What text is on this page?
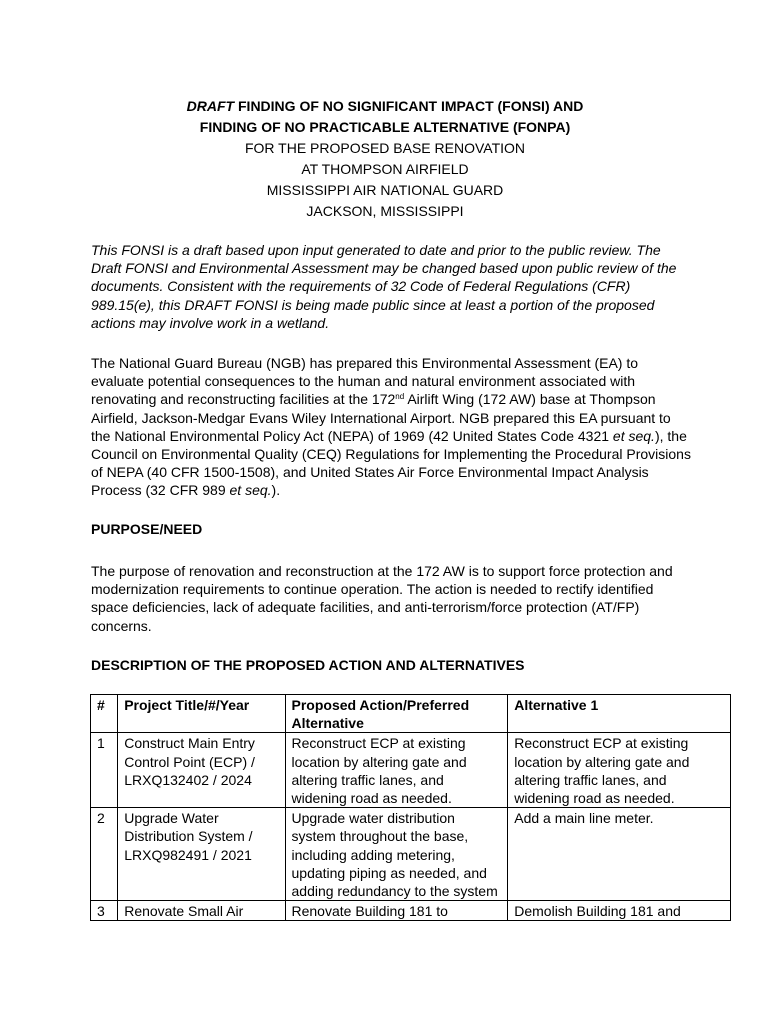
DRAFT FINDING OF NO SIGNIFICANT IMPACT (FONSI) AND
FINDING OF NO PRACTICABLE ALTERNATIVE (FONPA)
FOR THE PROPOSED BASE RENOVATION
AT THOMPSON AIRFIELD
MISSISSIPPI AIR NATIONAL GUARD
JACKSON, MISSISSIPPI
This FONSI is a draft based upon input generated to date and prior to the public review. The Draft FONSI and Environmental Assessment may be changed based upon public review of the documents. Consistent with the requirements of 32 Code of Federal Regulations (CFR) 989.15(e), this DRAFT FONSI is being made public since at least a portion of the proposed actions may involve work in a wetland.
The National Guard Bureau (NGB) has prepared this Environmental Assessment (EA) to evaluate potential consequences to the human and natural environment associated with renovating and reconstructing facilities at the 172nd Airlift Wing (172 AW) base at Thompson Airfield, Jackson-Medgar Evans Wiley International Airport. NGB prepared this EA pursuant to the National Environmental Policy Act (NEPA) of 1969 (42 United States Code 4321 et seq.), the Council on Environmental Quality (CEQ) Regulations for Implementing the Procedural Provisions of NEPA (40 CFR 1500-1508), and United States Air Force Environmental Impact Analysis Process (32 CFR 989 et seq.).
PURPOSE/NEED
The purpose of renovation and reconstruction at the 172 AW is to support force protection and modernization requirements to continue operation. The action is needed to rectify identified space deficiencies, lack of adequate facilities, and anti-terrorism/force protection (AT/FP) concerns.
DESCRIPTION OF THE PROPOSED ACTION AND ALTERNATIVES
#	Project Title/#/Year	Proposed Action/Preferred Alternative	Alternative 1
1	Construct Main Entry Control Point (ECP) / LRXQ132402 / 2024	Reconstruct ECP at existing location by altering gate and altering traffic lanes, and widening road as needed.	Reconstruct ECP at existing location by altering gate and altering traffic lanes, and widening road as needed.
2	Upgrade Water Distribution System / LRXQ982491 / 2021	Upgrade water distribution system throughout the base, including adding metering, updating piping as needed, and adding redundancy to the system	Add a main line meter.
3	Renovate Small Air	Renovate Building 181 to	Demolish Building 181 and
